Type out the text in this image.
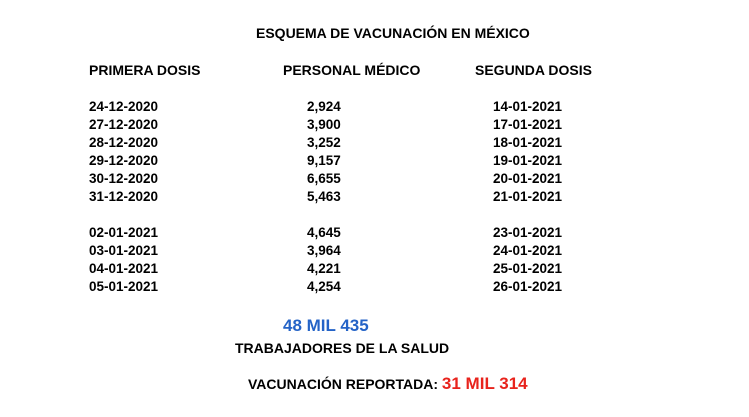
ESQUEMA DE VACUNACIÓN EN MÉXICO
PRIMERA DOSIS	PERSONAL MÉDICO	SEGUNDA DOSIS
24-12-2020	2,924	14-01-2021
27-12-2020	3,900	17-01-2021
28-12-2020	3,252	18-01-2021
29-12-2020	9,157	19-01-2021
30-12-2020	6,655	20-01-2021
31-12-2020	5,463	21-01-2021
02-01-2021	4,645	23-01-2021
03-01-2021	3,964	24-01-2021
04-01-2021	4,221	25-01-2021
05-01-2021	4,254	26-01-2021
48 MIL 435
TRABAJADORES DE LA SALUD
VACUNACIÓN REPORTADA: 31 MIL 314
